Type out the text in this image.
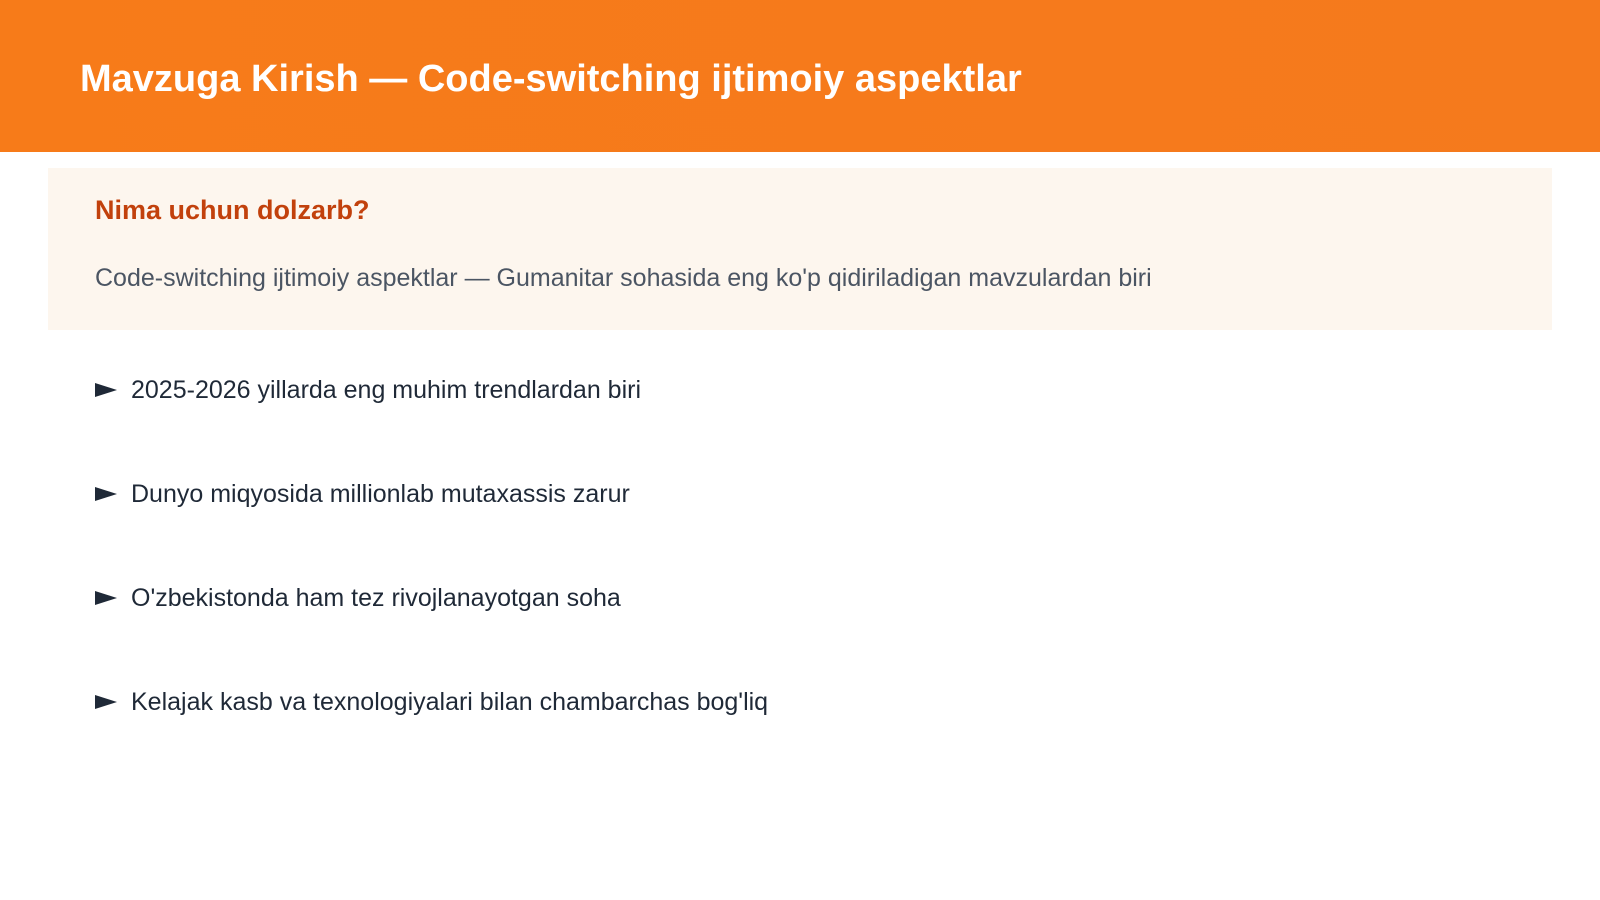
Mavzuga Kirish — Code-switching ijtimoiy aspektlar
Nima uchun dolzarb?

Code-switching ijtimoiy aspektlar — Gumanitar sohasida eng ko'p qidiriladigan mavzulardan biri

2025-2026 yillarda eng muhim trendlardan biri
Dunyo miqyosida millionlab mutaxassis zarur
O'zbekistonda ham tez rivojlanayotgan soha
Kelajak kasb va texnologiyalari bilan chambarchas bog'liq
